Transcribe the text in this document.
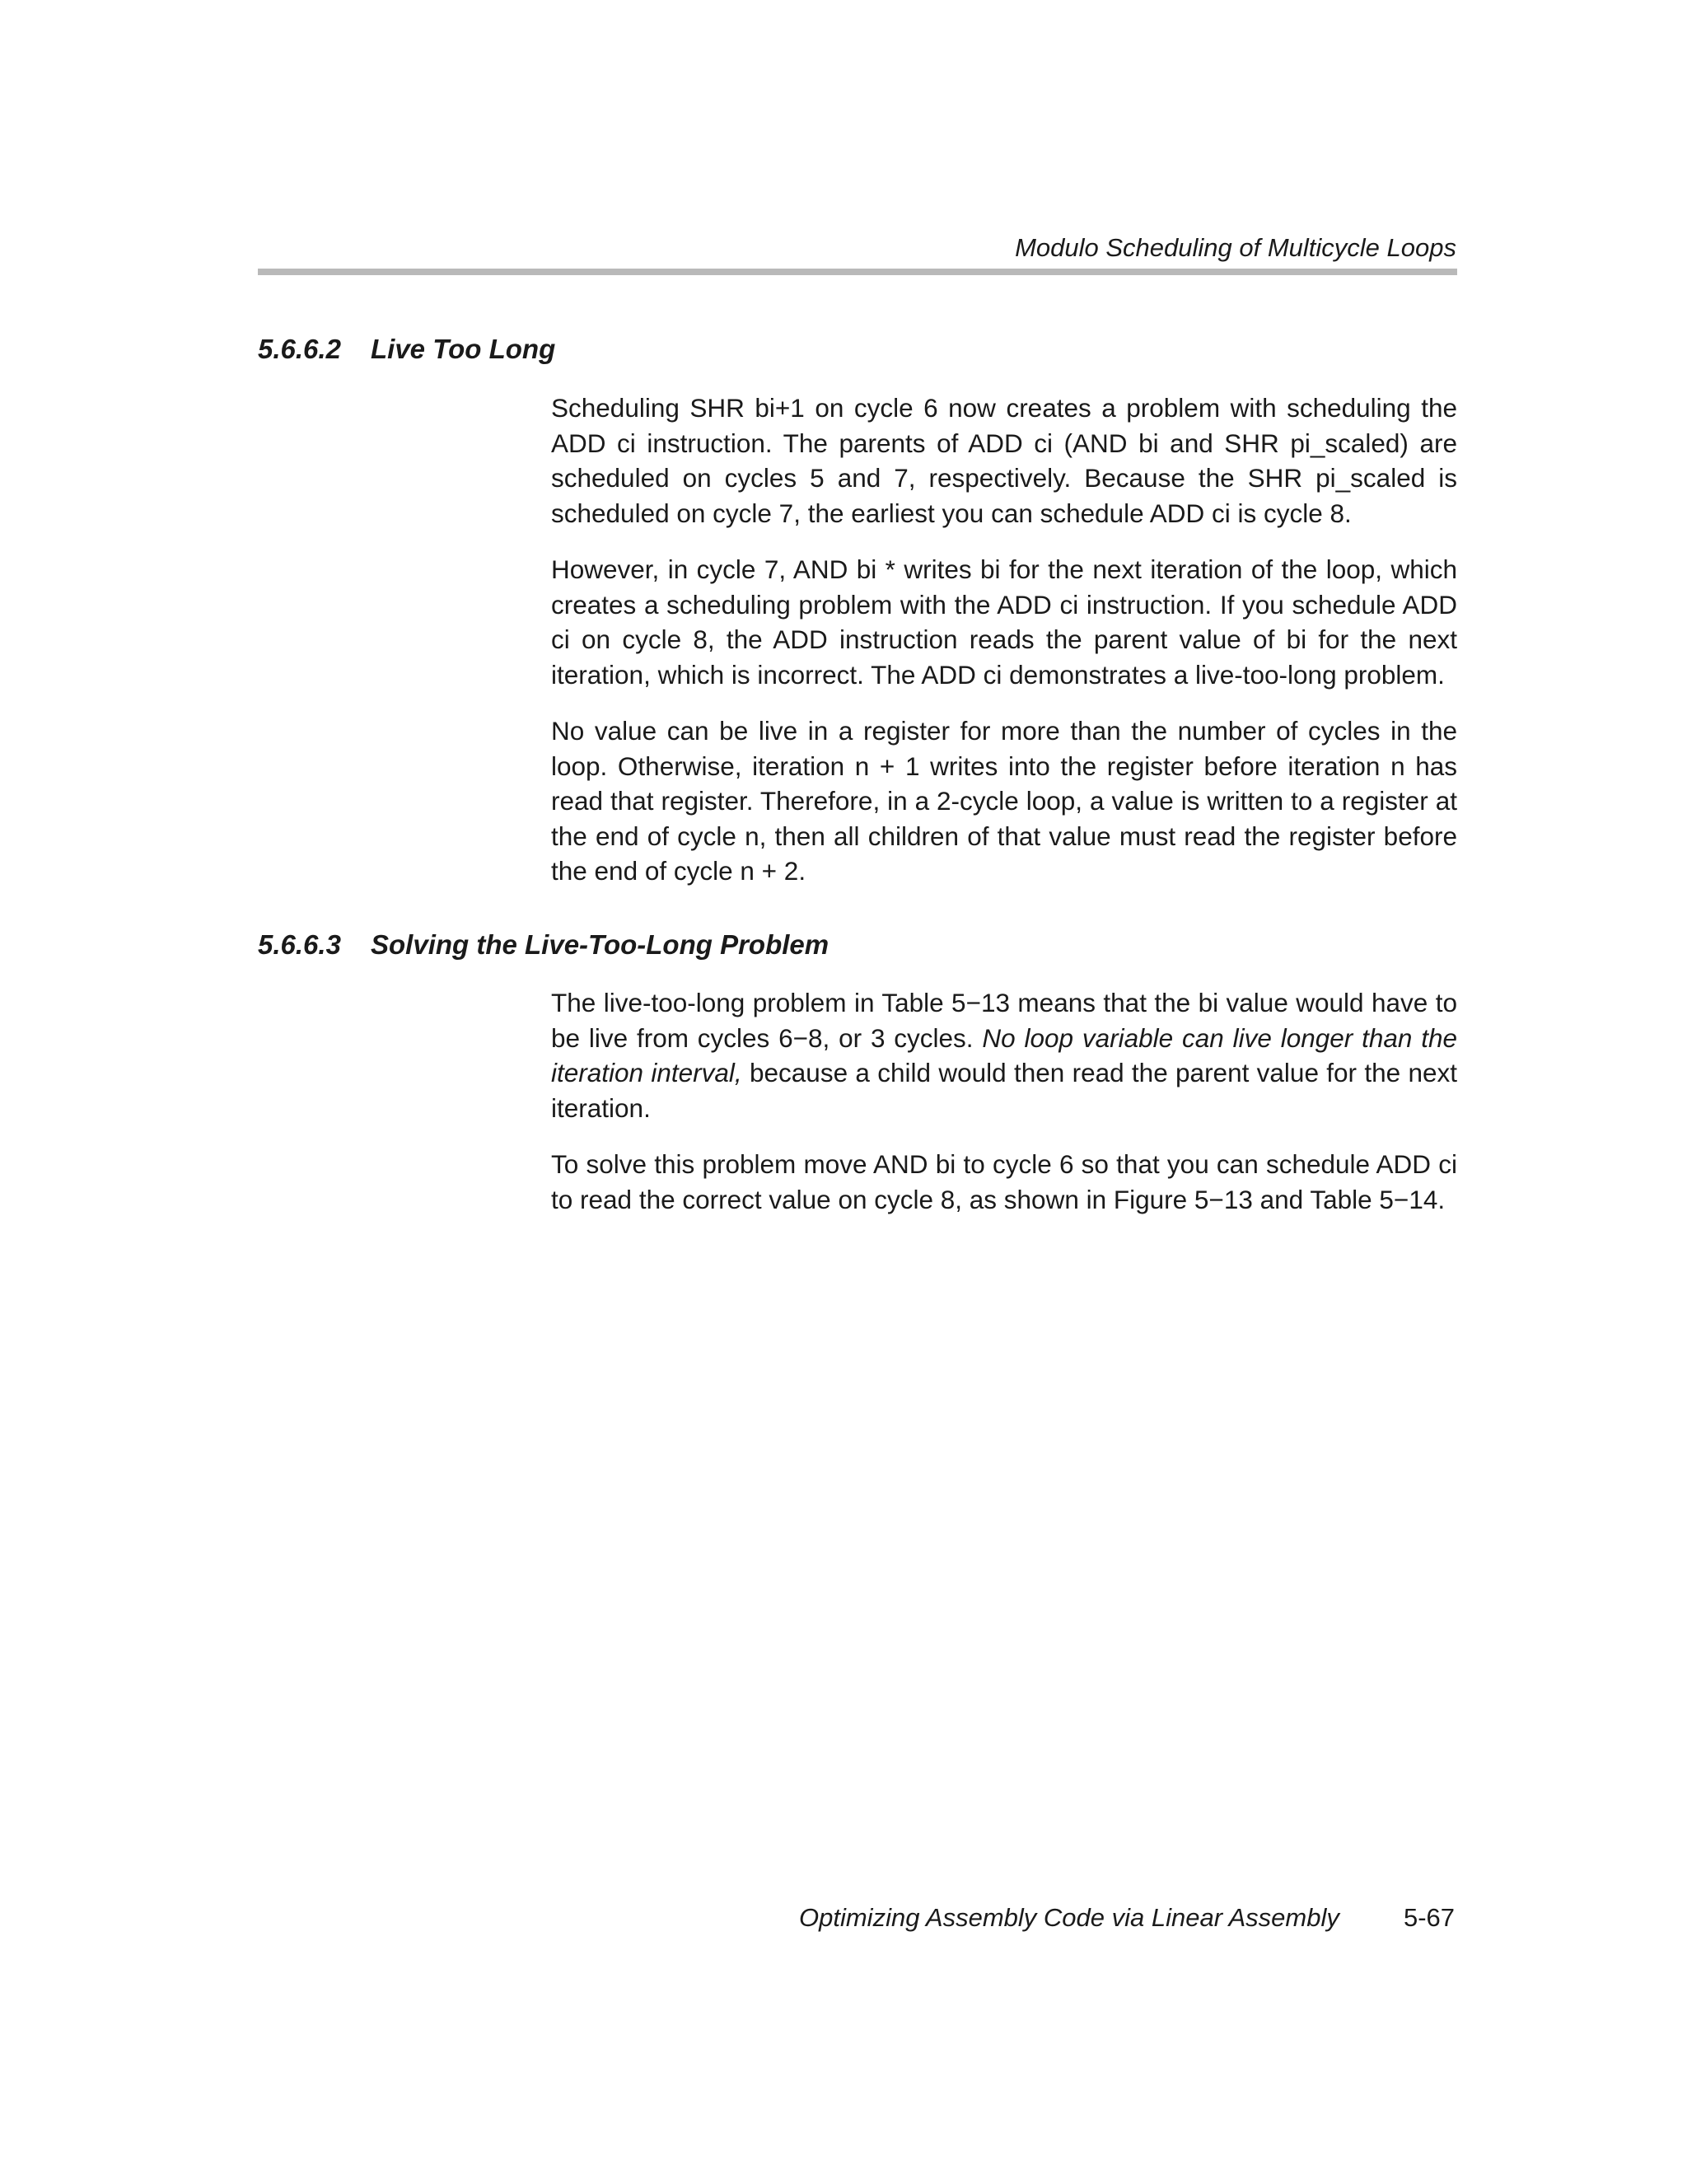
Modulo Scheduling of Multicycle Loops
5.6.6.2 Live Too Long

Scheduling SHR bi+1 on cycle 6 now creates a problem with scheduling the ADD ci instruction. The parents of ADD ci (AND bi and SHR pi_scaled) are scheduled on cycles 5 and 7, respectively. Because the SHR pi_scaled is scheduled on cycle 7, the earliest you can schedule ADD ci is cycle 8.

However, in cycle 7, AND bi * writes bi for the next iteration of the loop, which creates a scheduling problem with the ADD ci instruction. If you schedule ADD ci on cycle 8, the ADD instruction reads the parent value of bi for the next iteration, which is incorrect. The ADD ci demonstrates a live-too-long problem.

No value can be live in a register for more than the number of cycles in the loop. Otherwise, iteration n + 1 writes into the register before iteration n has read that register. Therefore, in a 2-cycle loop, a value is written to a register at the end of cycle n, then all children of that value must read the register before the end of cycle n + 2.

5.6.6.3 Solving the Live-Too-Long Problem

The live-too-long problem in Table 5−13 means that the bi value would have to be live from cycles 6−8, or 3 cycles. No loop variable can live longer than the iteration interval, because a child would then read the parent value for the next iteration.

To solve this problem move AND bi to cycle 6 so that you can schedule ADD ci to read the correct value on cycle 8, as shown in Figure 5−13 and Table 5−14.

Optimizing Assembly Code via Linear Assembly	5-67
